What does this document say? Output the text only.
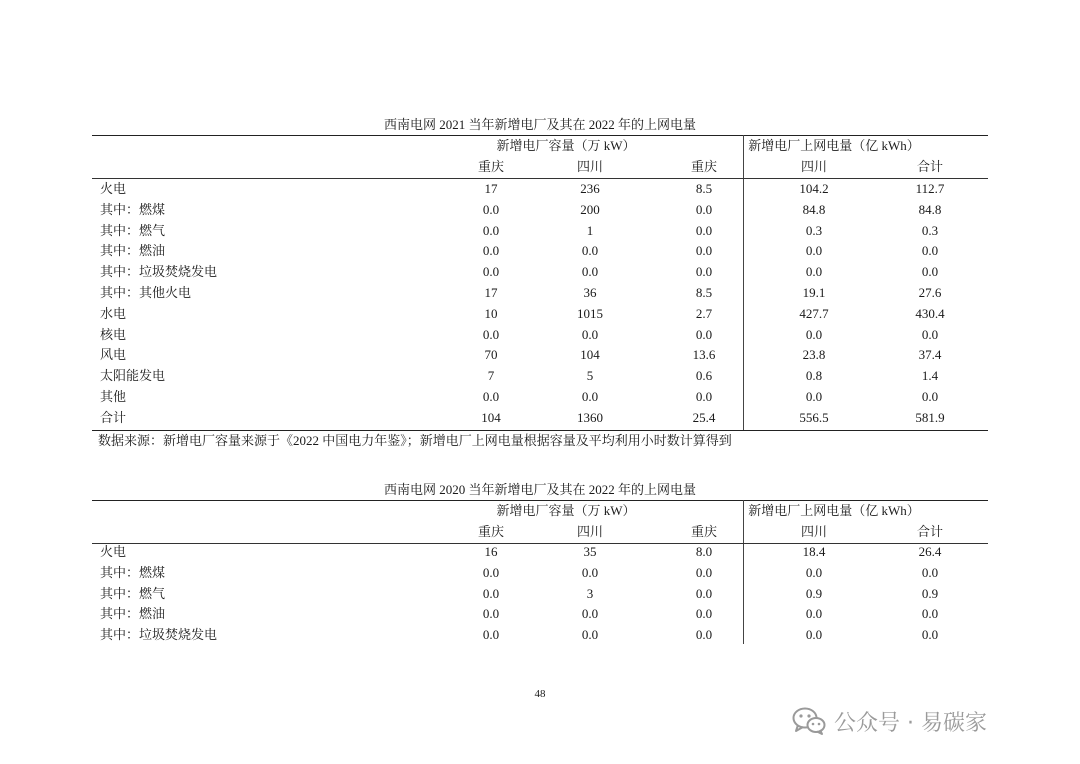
西南电网 2021 当年新增电厂及其在 2022 年的上网电量
新增电厂容量（万 kW）	新增电厂上网电量（亿 kWh）
重庆	四川	重庆	四川	合计
火电	17	236	8.5	104.2	112.7
其中：燃煤	0.0	200	0.0	84.8	84.8
其中：燃气	0.0	1	0.0	0.3	0.3
其中：燃油	0.0	0.0	0.0	0.0	0.0
其中：垃圾焚烧发电	0.0	0.0	0.0	0.0	0.0
其中：其他火电	17	36	8.5	19.1	27.6
水电	10	1015	2.7	427.7	430.4
核电	0.0	0.0	0.0	0.0	0.0
风电	70	104	13.6	23.8	37.4
太阳能发电	7	5	0.6	0.8	1.4
其他	0.0	0.0	0.0	0.0	0.0
合计	104	1360	25.4	556.5	581.9
数据来源：新增电厂容量来源于《2022 中国电力年鉴》；新增电厂上网电量根据容量及平均利用小时数计算得到
西南电网 2020 当年新增电厂及其在 2022 年的上网电量
新增电厂容量（万 kW）	新增电厂上网电量（亿 kWh）
重庆	四川	重庆	四川	合计
火电	16	35	8.0	18.4	26.4
其中：燃煤	0.0	0.0	0.0	0.0	0.0
其中：燃气	0.0	3	0.0	0.9	0.9
其中：燃油	0.0	0.0	0.0	0.0	0.0
其中：垃圾焚烧发电	0.0	0.0	0.0	0.0	0.0
48
公众号 · 易碳家
